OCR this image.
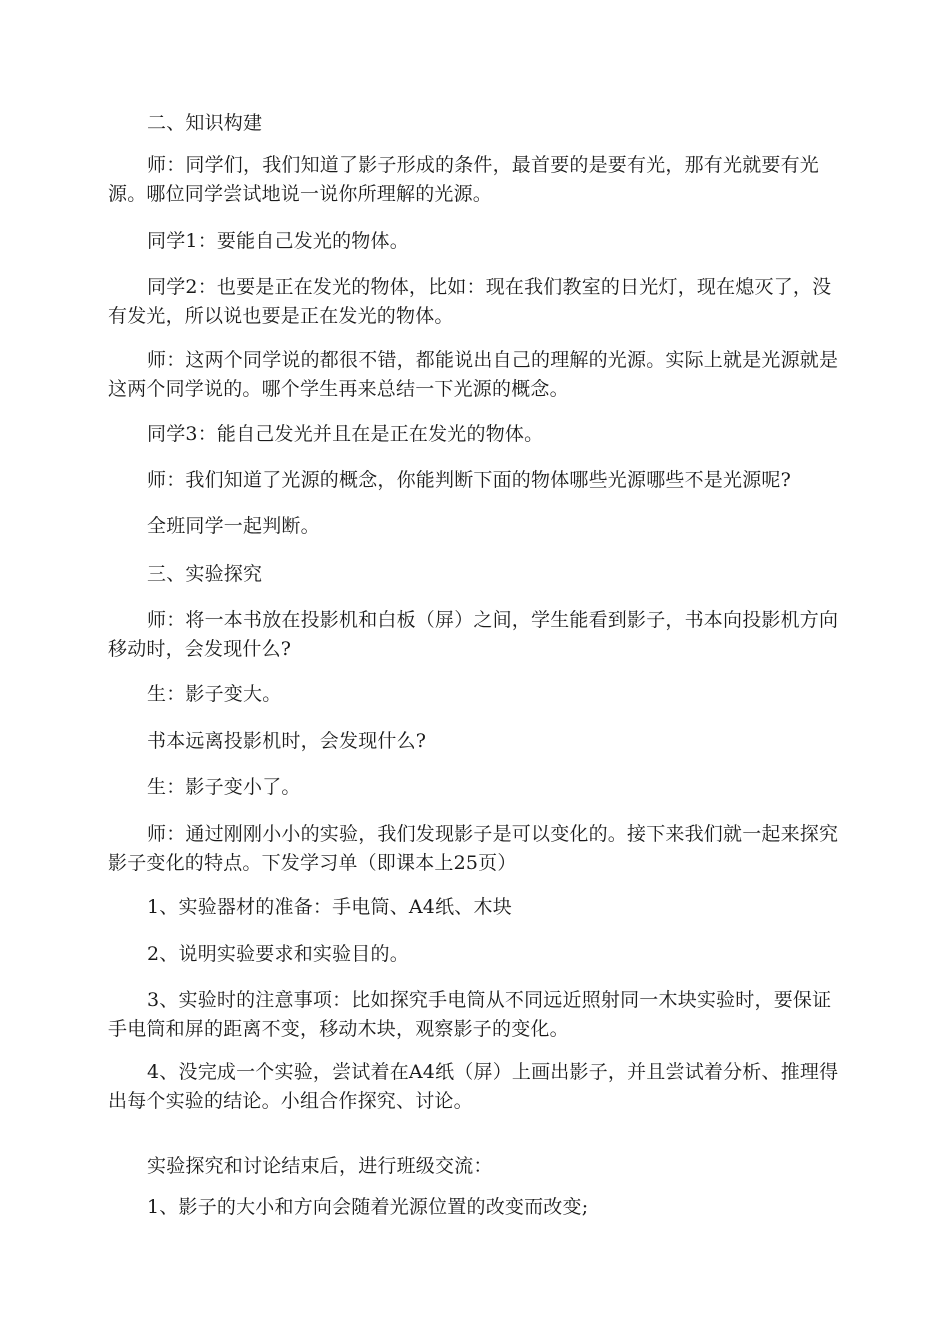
二、知识构建

师：同学们，我们知道了影子形成的条件，最首要的是要有光，那有光就要有光源。哪位同学尝试地说一说你所理解的光源。

同学1：要能自己发光的物体。

同学2：也要是正在发光的物体，比如：现在我们教室的日光灯，现在熄灭了，没有发光，所以说也要是正在发光的物体。

师：这两个同学说的都很不错，都能说出自己的理解的光源。实际上就是光源就是这两个同学说的。哪个学生再来总结一下光源的概念。

同学3：能自己发光并且在是正在发光的物体。

师：我们知道了光源的概念，你能判断下面的物体哪些光源哪些不是光源呢?

全班同学一起判断。

三、实验探究

师：将一本书放在投影机和白板（屏）之间，学生能看到影子，书本向投影机方向移动时，会发现什么?

生：影子变大。

书本远离投影机时，会发现什么?

生：影子变小了。

师：通过刚刚小小的实验，我们发现影子是可以变化的。接下来我们就一起来探究影子变化的特点。下发学习单（即课本上25页）

1、实验器材的准备：手电筒、A4纸、木块

2、说明实验要求和实验目的。

3、实验时的注意事项：比如探究手电筒从不同远近照射同一木块实验时，要保证手电筒和屏的距离不变，移动木块，观察影子的变化。

4、没完成一个实验，尝试着在A4纸（屏）上画出影子，并且尝试着分析、推理得出每个实验的结论。小组合作探究、讨论。

实验探究和讨论结束后，进行班级交流：

1、影子的大小和方向会随着光源位置的改变而改变;
